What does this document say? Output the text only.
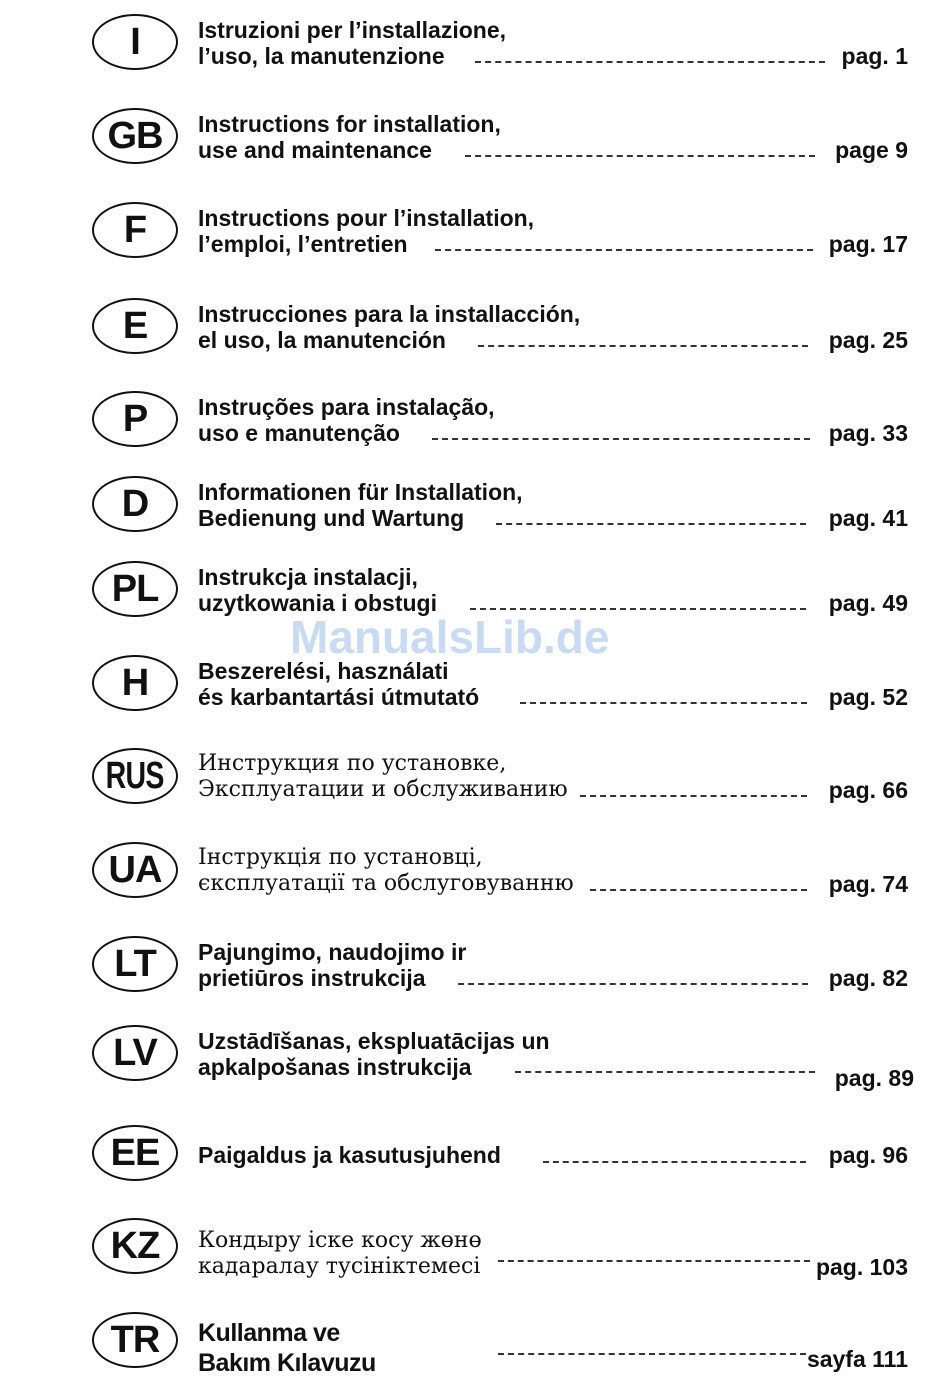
ManualsLib.de
I	Istruzioni per l’installazione,
l’uso, la manutenzione	pag. 1
GB Instructions for installation,
use and maintenance	page 9
F Instructions pour l’installation,
l’emploi, l’entretien	pag. 17
E Instrucciones para la installacción,
el uso, la manutención	pag. 25
P Instruções para instalação,
uso e manutenção	pag. 33
D Informationen für Installation,
Bedienung und Wartung	pag. 41
PL Instrukcja instalacji,
uzytkowania i obstugi	pag. 49
H Beszerelési, használati
és karbantartási útmutató	pag. 52
RUS Инструкция по установке,
Эксплуатации и обслуживанию	pag. 66
UA Інструкція по установці,
єксплуатації та обслуговуванню	pag. 74
LT Pajungimo, naudojimo ir
prietiūros instrukcija	pag. 82
LV Uzstādīšanas, ekspluatācijas un
apkalpošanas instrukcija	pag. 89
EE Paigaldus ja kasutusjuhend	pag. 96
KZ Кондыру іске косу жөнө
кадаралау тусініктемесі	pag. 103
TR Kullanma ve
Bakım Kılavuzu	sayfa 111
